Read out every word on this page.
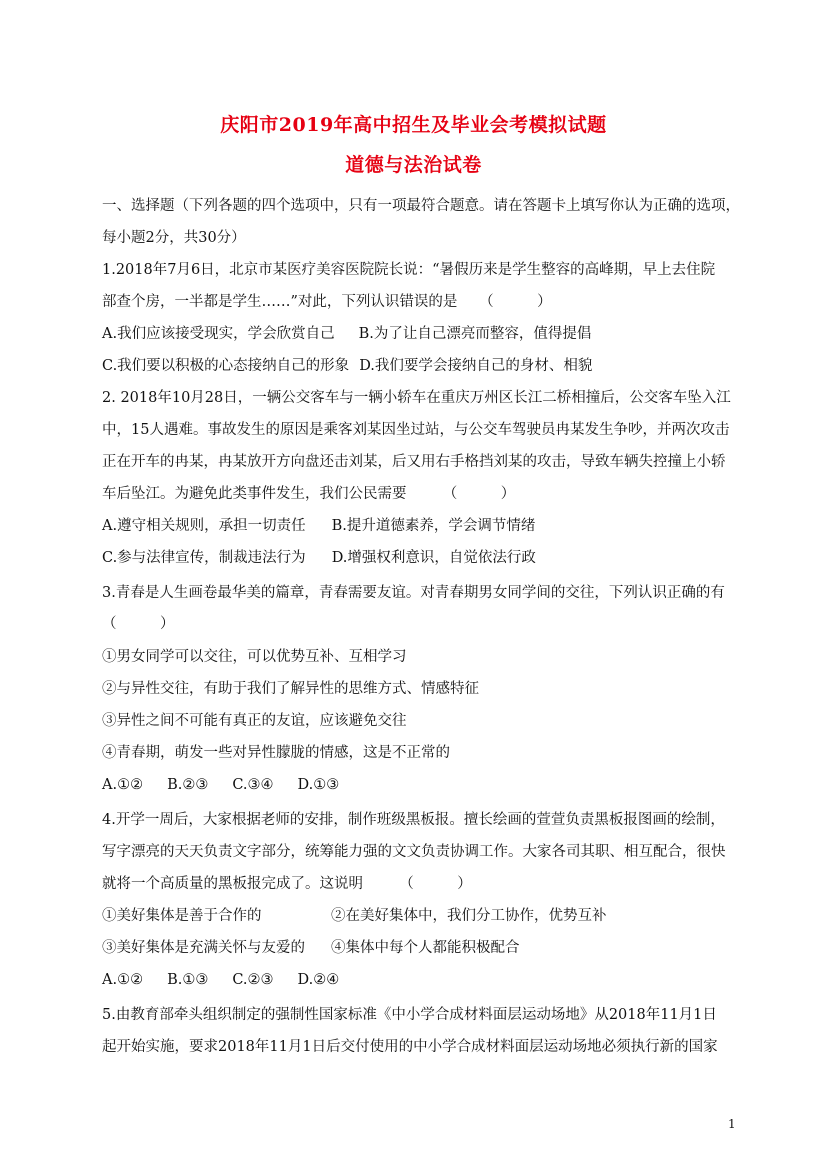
庆阳市2019年高中招生及毕业会考模拟试题
道德与法治试卷
一、选择题（下列各题的四个选项中，只有一项最符合题意。请在答题卡上填写你认为正确的选项，
每小题2分，共30分）
1.2018年7月6日，北京市某医疗美容医院院长说：“暑假历来是学生整容的高峰期，早上去住院
部查个房，一半都是学生……”对此，下列认识错误的是　　（　　　）
A.我们应该接受现实，学会欣赏自己 B.为了让自己漂亮而整容，值得提倡
C.我们要以积极的心态接纳自己的形象 D.我们要学会接纳自己的身材、相貌
2. 2018年10月28日，一辆公交客车与一辆小轿车在重庆万州区长江二桥相撞后，公交客车坠入江
中，15人遇难。事故发生的原因是乘客刘某因坐过站，与公交车驾驶员冉某发生争吵，并两次攻击
正在开车的冉某，冉某放开方向盘还击刘某，后又用右手格挡刘某的攻击，导致车辆失控撞上小轿
车后坠江。为避免此类事件发生，我们公民需要　　　（　　　）
A.遵守相关规则，承担一切责任 B.提升道德素养，学会调节情绪
C.参与法律宣传，制裁违法行为 D.增强权利意识，自觉依法行政
3.青春是人生画卷最华美的篇章，青春需要友谊。对青春期男女同学间的交往，下列认识正确的有
（　　　）
①男女同学可以交往，可以优势互补、互相学习
②与异性交往，有助于我们了解异性的思维方式、情感特征
③异性之间不可能有真正的友谊，应该避免交往
④青春期，萌发一些对异性朦胧的情感，这是不正常的
A.①② B.②③ C.③④ D.①③
4.开学一周后，大家根据老师的安排，制作班级黑板报。擅长绘画的萱萱负责黑板报图画的绘制，
写字漂亮的天天负责文字部分，统筹能力强的文文负责协调工作。大家各司其职、相互配合，很快
就将一个高质量的黑板报完成了。这说明　　　（　　　）
①美好集体是善于合作的	②在美好集体中，我们分工协作，优势互补
③美好集体是充满关怀与友爱的 ④集体中每个人都能积极配合
A.①② B.①③ C.②③ D.②④
5.由教育部牵头组织制定的强制性国家标准《中小学合成材料面层运动场地》从2018年11月1日
起开始实施，要求2018年11月1日后交付使用的中小学合成材料面层运动场地必须执行新的国家
1
